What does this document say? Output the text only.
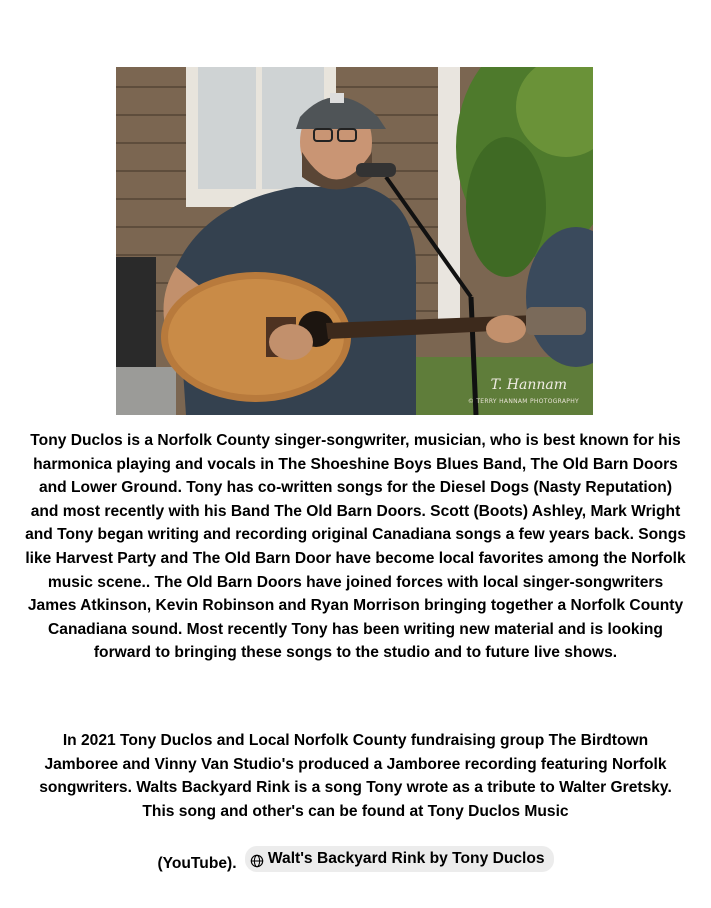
T. Hannam
© TERRY HANNAM PHOTOGRAPHY

Tony Duclos is a Norfolk County singer-songwriter, musician, who is best known for his harmonica playing and vocals in The Shoeshine Boys Blues Band, The Old Barn Doors and Lower Ground. Tony has co-written songs for the Diesel Dogs (Nasty Reputation) and most recently with his Band The Old Barn Doors. Scott (Boots) Ashley, Mark Wright and Tony began writing and recording original Canadiana songs a few years back. Songs like Harvest Party and The Old Barn Door have become local favorites among the Norfolk music scene.. The Old Barn Doors have joined forces with local singer-songwriters James Atkinson, Kevin Robinson and Ryan Morrison bringing together a Norfolk County Canadiana sound. Most recently Tony has been writing new material and is looking forward to bringing these songs to the studio and to future live shows.

In 2021 Tony Duclos and Local Norfolk County fundraising group The Birdtown Jamboree and Vinny Van Studio's produced a Jamboree recording featuring Norfolk songwriters. Walts Backyard Rink is a song Tony wrote as a tribute to Walter Gretsky. This song and other's can be found at Tony Duclos Music

(YouTube). Walt's Backyard Rink by Tony Duclos
